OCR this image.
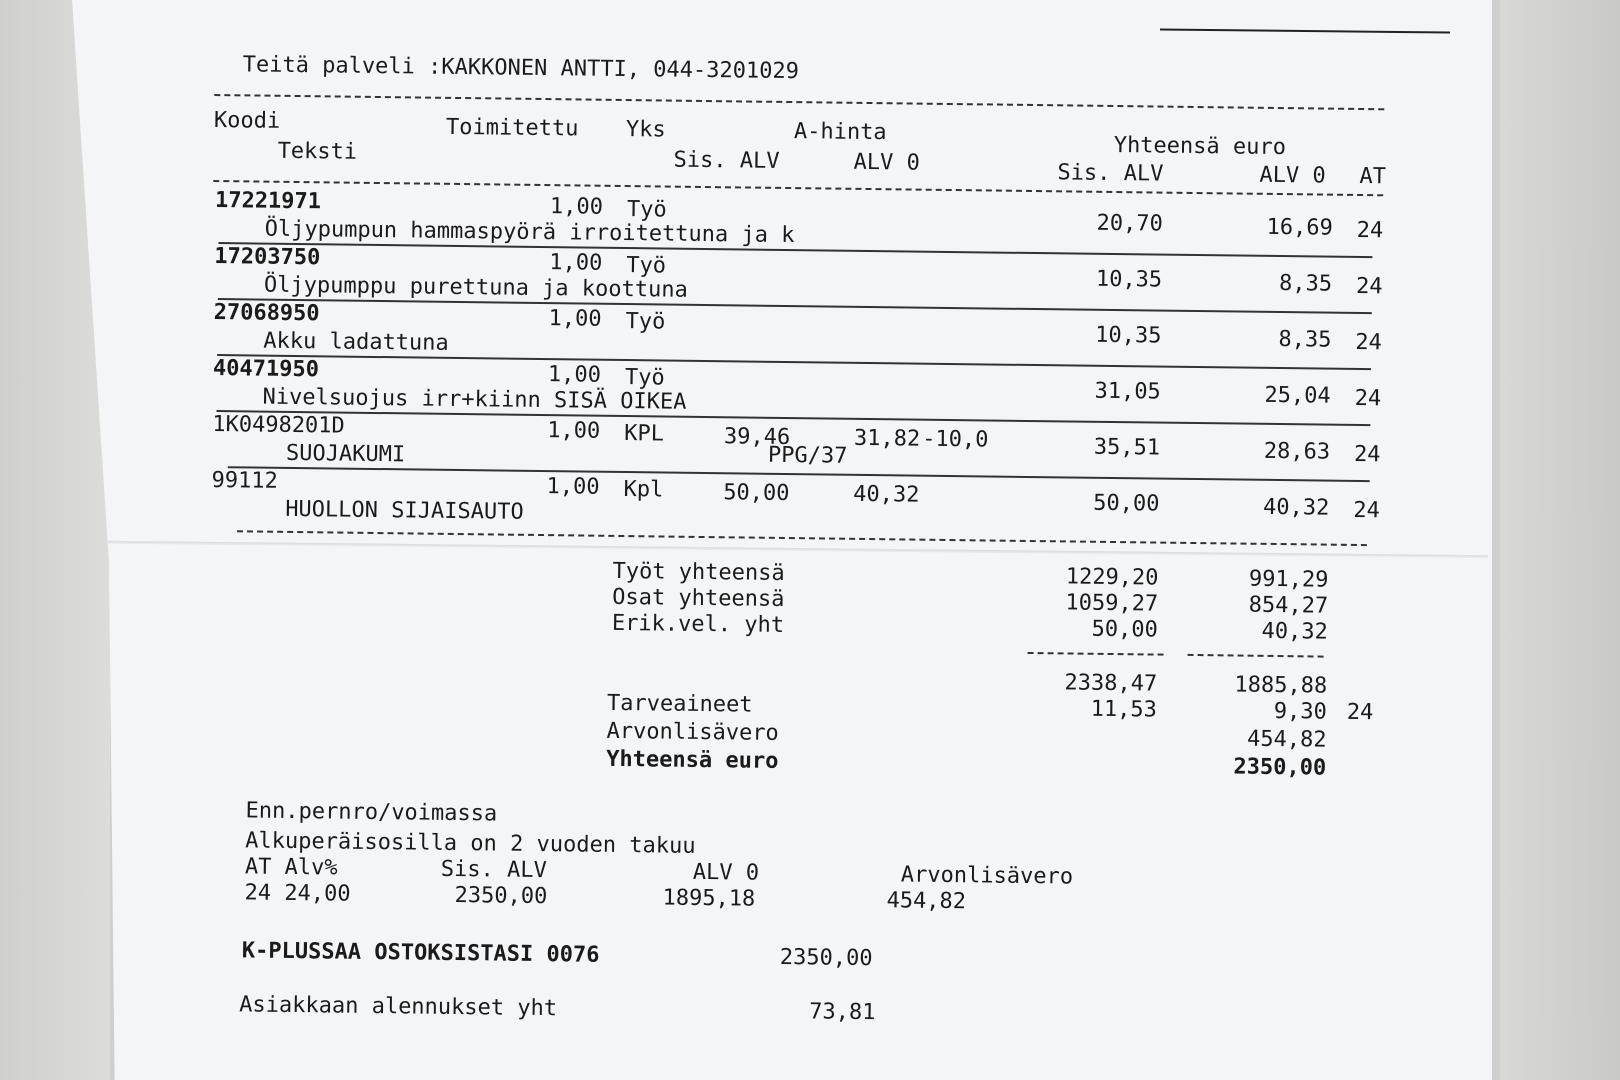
Teitä palveli :KAKKONEN ANTTI, 044-3201029
Koodi	Toimitettu Yks	A-hinta
Yhteensä euro
Teksti	Sis. ALV	ALV 0	Sis. ALV	ALV 0 AT
17221971	1,00 Työ
Öljypumpun hammaspyörä irroitettuna ja k	20,70	16,69 24
17203750	1,00 Työ
Öljypumppu purettuna ja koottuna	10,35	8,35 24
27068950	1,00 Työ
Akku ladattuna	10,35	8,35 24
40471950	1,00 Työ
Nivelsuojus irr+kiinn SISÄ OIKEA	31,05	25,04 24
1K0498201D	1,00 KPL	39,46	31,82 -10,0
SUOJAKUMI	PPG/37	35,51	28,63 24
99112	1,00 Kpl	50,00	40,32
HUOLLON SIJAISAUTO	50,00	40,32 24
Työt yhteensä	1229,20	991,29
Osat yhteensä	1059,27	854,27
Erik.vel. yht	50,00	40,32
2338,47	1885,88
Tarveaineet	11,53	9,30 24
Arvonlisävero	454,82
Yhteensä euro	2350,00
Enn.pernro/voimassa
Alkuperäisosilla on 2 vuoden takuu
AT Alv%	Sis. ALV	ALV 0	Arvonlisävero
24 24,00	2350,00	1895,18	454,82
K-PLUSSAA OSTOKSISTASI 0076	2350,00
Asiakkaan alennukset yht	73,81
